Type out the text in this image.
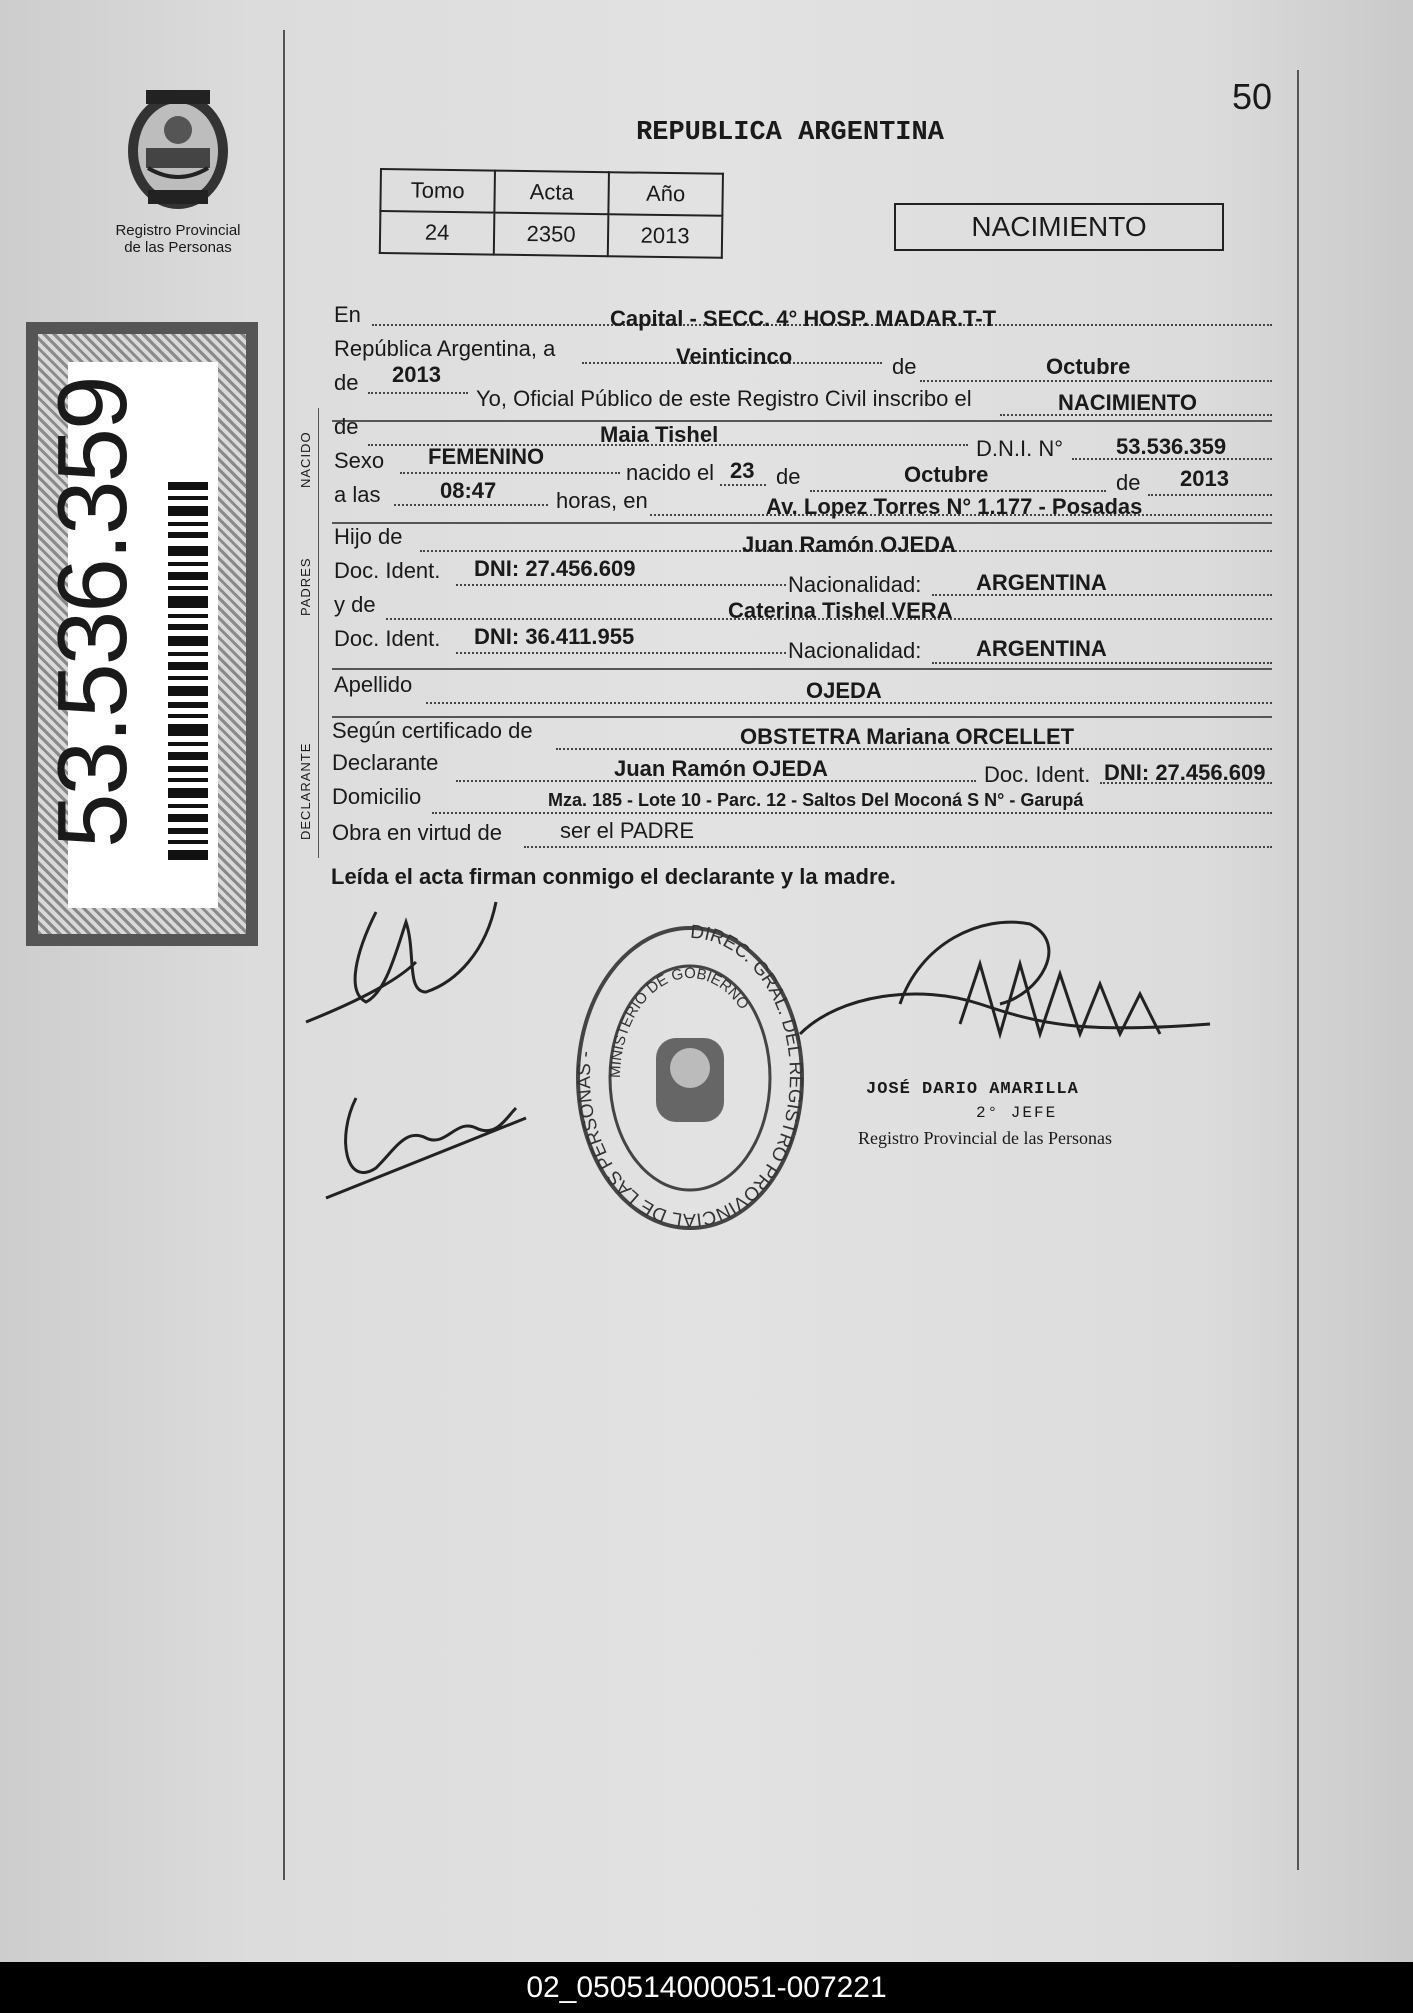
Registro Provincial
de las Personas
53.536.359
50
REPUBLICA ARGENTINA
Tomo	Acta	Año
24	2350	2013	NACIMIENTO
NACIDO
PADRES
DECLARANTE
En	Capital - SECC. 4° HOSP. MADAR.T-T
República Argentina, a	Veinticinco	de	Octubre
de 2013
Yo, Oficial Público de este Registro Civil inscribo el	NACIMIENTO
de	Maia Tishel
D.N.I. N° 53.536.359
Sexo FEMENINO
nacido el 23 de	Octubre	de 2013
a las	08:47	horas, en	Av. Lopez Torres N° 1.177 - Posadas
Hijo de	Juan Ramón OJEDA
Doc. Ident. DNI: 27.456.609
Nacionalidad: ARGENTINA
y de	Caterina Tishel VERA
Doc. Ident. DNI: 36.411.955
Nacionalidad: ARGENTINA
Apellido	OJEDA
Según certificado de	OBSTETRA Mariana ORCELLET
Declarante	Juan Ramón OJEDA	Doc. Ident. DNI: 27.456.609
Domicilio	Mza. 185 - Lote 10 - Parc. 12 - Saltos Del Moconá S N° - Garupá
Obra en virtud de	ser el PADRE
Leída el acta firman conmigo el declarante y la madre.
DIREC. GRAL. DEL REGISTRO PROVINCIAL DE LAS PERSONAS -
MINISTERIO DE GOBIERNO
JOSÉ DARIO AMARILLA
2° JEFE
Registro Provincial de las Personas
02_050514000051-007221
